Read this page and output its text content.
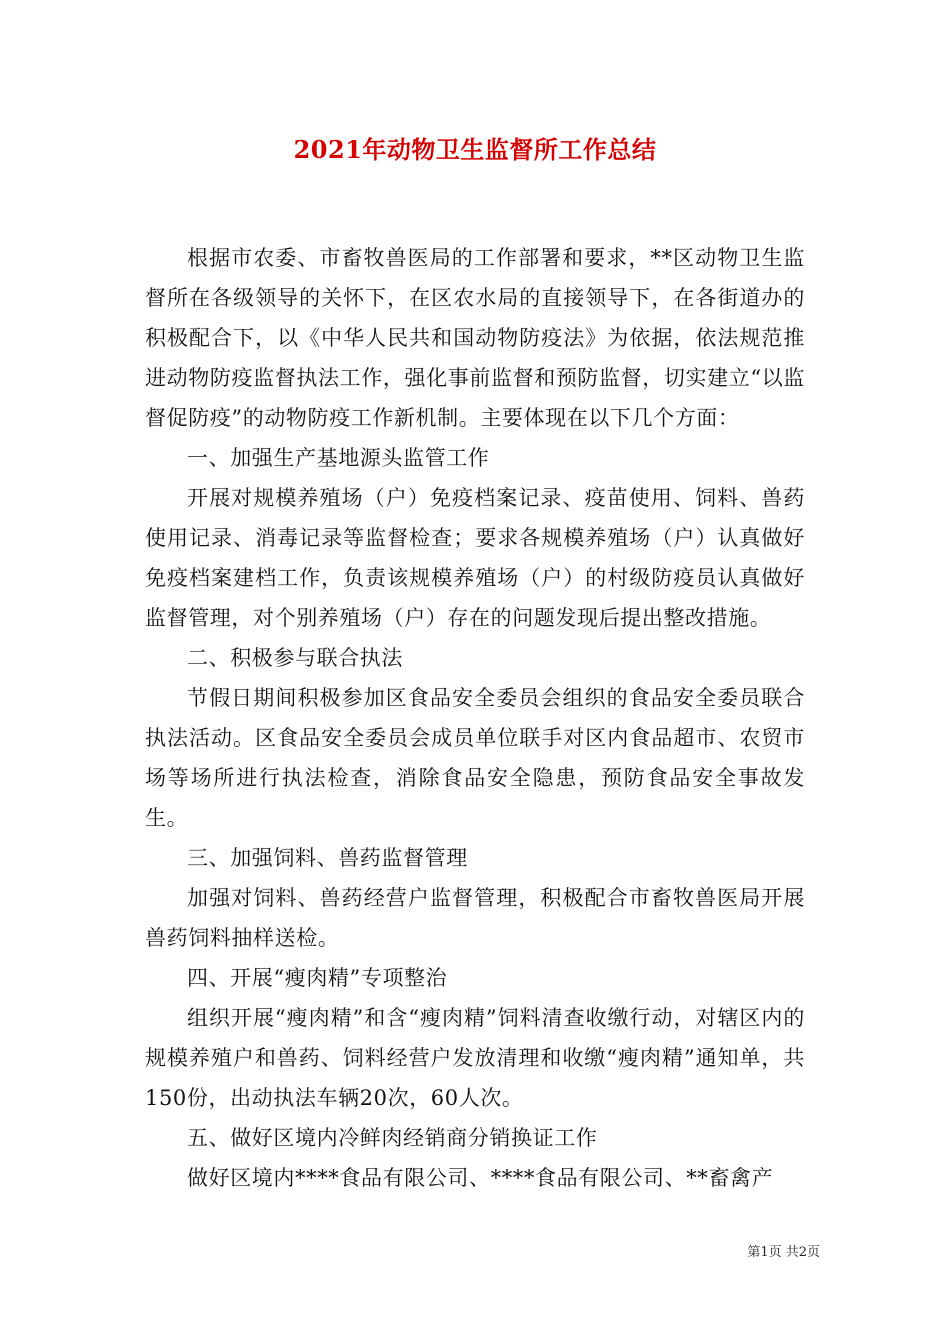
2021年动物卫生监督所工作总结

根据市农委、市畜牧兽医局的工作部署和要求，**区动物卫生监督所在各级领导的关怀下，在区农水局的直接领导下，在各街道办的积极配合下，以《中华人民共和国动物防疫法》为依据，依法规范推进动物防疫监督执法工作，强化事前监督和预防监督，切实建立“以监督促防疫”的动物防疫工作新机制。主要体现在以下几个方面：

一、加强生产基地源头监管工作

开展对规模养殖场（户）免疫档案记录、疫苗使用、饲料、兽药使用记录、消毒记录等监督检查；要求各规模养殖场（户）认真做好免疫档案建档工作，负责该规模养殖场（户）的村级防疫员认真做好监督管理，对个别养殖场（户）存在的问题发现后提出整改措施。

二、积极参与联合执法

节假日期间积极参加区食品安全委员会组织的食品安全委员联合执法活动。区食品安全委员会成员单位联手对区内食品超市、农贸市场等场所进行执法检查，消除食品安全隐患，预防食品安全事故发生。

三、加强饲料、兽药监督管理

加强对饲料、兽药经营户监督管理，积极配合市畜牧兽医局开展兽药饲料抽样送检。

四、开展“瘦肉精”专项整治

组织开展“瘦肉精”和含“瘦肉精”饲料清查收缴行动，对辖区内的规模养殖户和兽药、饲料经营户发放清理和收缴“瘦肉精”通知单，共150份，出动执法车辆20次，60人次。

五、做好区境内冷鲜肉经销商分销换证工作

做好区境内****食品有限公司、****食品有限公司、**畜禽产

第1页 共2页
